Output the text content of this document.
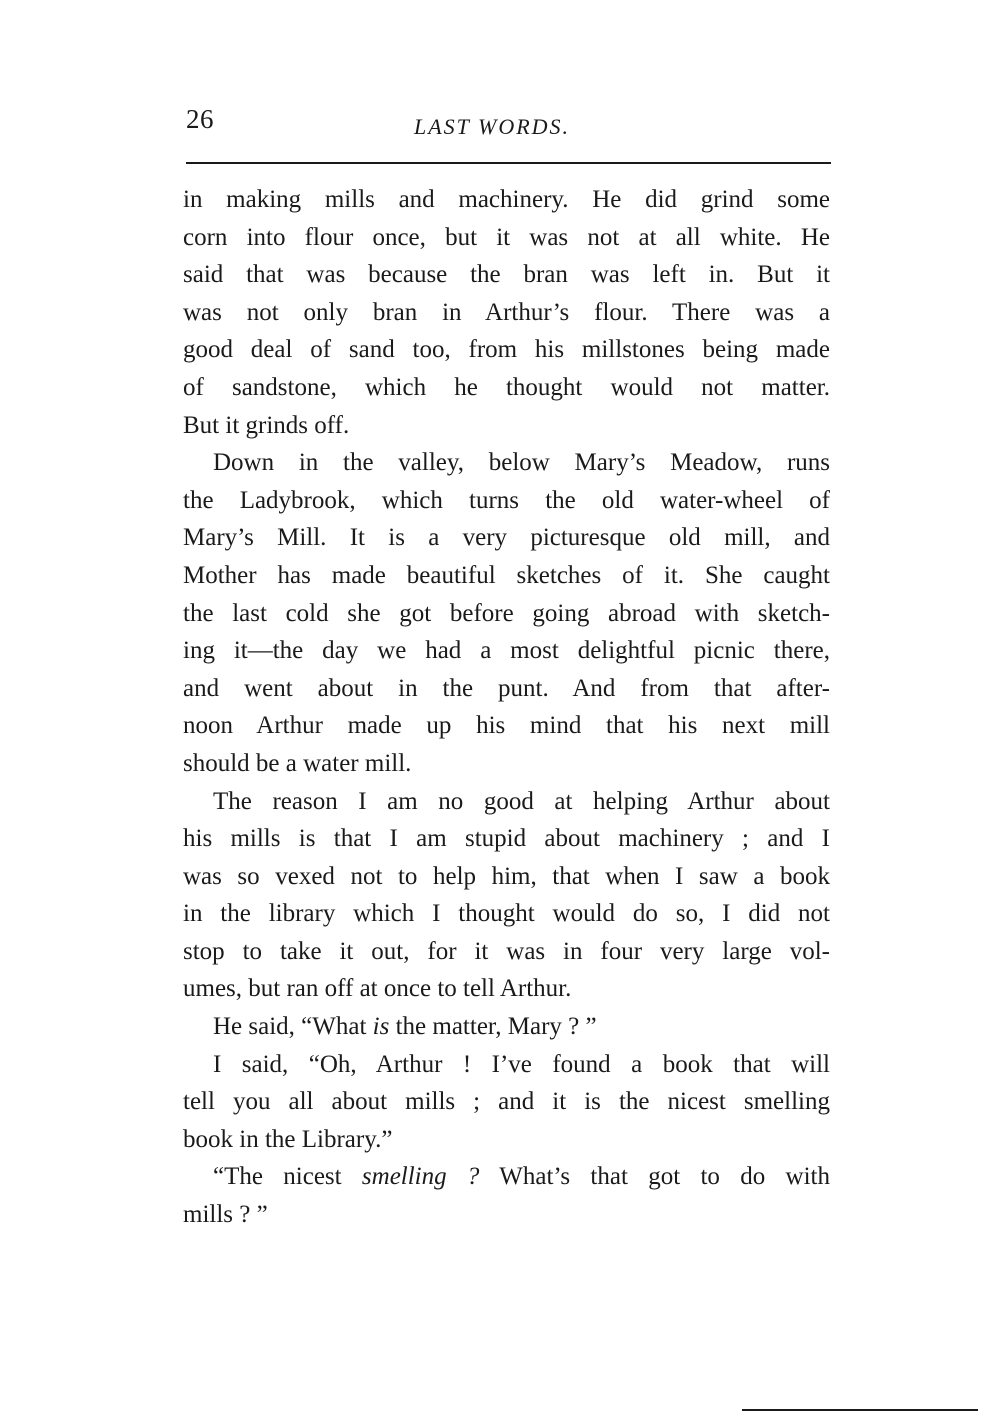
26	LAST WORDS.

in making mills and machinery. He did grind some
corn into flour once, but it was not at all white. He
said that was because the bran was left in. But it
was not only bran in Arthur’s flour. There was a
good deal of sand too, from his millstones being made
of sandstone, which he thought would not matter.
But it grinds off.

Down in the valley, below Mary’s Meadow, runs
the Ladybrook, which turns the old water-wheel of
Mary’s Mill. It is a very picturesque old mill, and
Mother has made beautiful sketches of it. She caught
the last cold she got before going abroad with sketch-
ing it—the day we had a most delightful picnic there,
and went about in the punt. And from that after-
noon Arthur made up his mind that his next mill
should be a water mill.

The reason I am no good at helping Arthur about
his mills is that I am stupid about machinery ; and I
was so vexed not to help him, that when I saw a book
in the library which I thought would do so, I did not
stop to take it out, for it was in four very large vol-
umes, but ran off at once to tell Arthur.

He said, “What is the matter, Mary ? ”

I said, “Oh, Arthur ! I’ve found a book that will
tell you all about mills ; and it is the nicest smelling
book in the Library.”

“The nicest smelling ? What’s that got to do with
mills ? ”
